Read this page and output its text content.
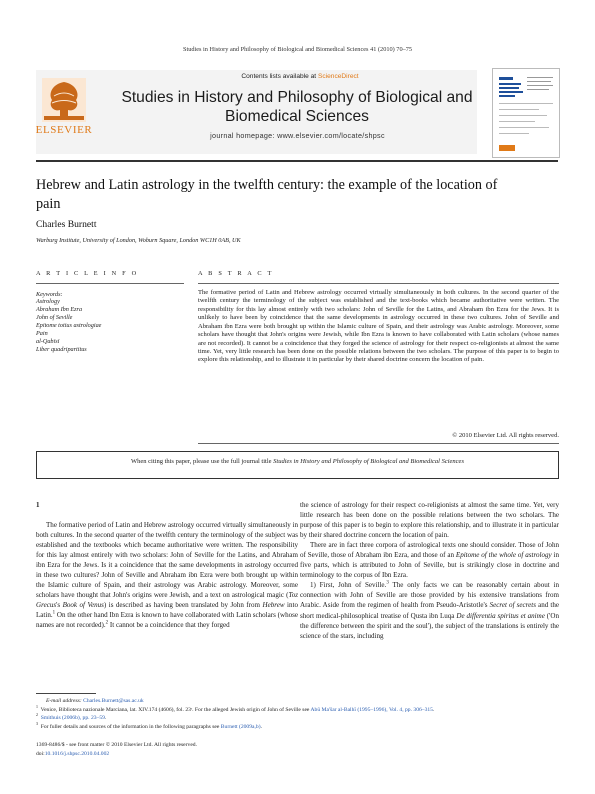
Studies in History and Philosophy of Biological and Biomedical Sciences 41 (2010) 70–75
Contents lists available at ScienceDirect
ELSEVIER
Studies in History and Philosophy of Biological and Biomedical Sciences
journal homepage: www.elsevier.com/locate/shpsc
Hebrew and Latin astrology in the twelfth century: the example of the location of pain
Charles Burnett
Warburg Institute, University of London, Woburn Square, London WC1H 0AB, UK
A R T I C L E I N F O	A B S T R A C T
Keywords:
Astrology
Abraham Ibn Ezra
John of Seville
Epitome totius astrologiae
Pain
al-Qabīsī
Liber quadripartitus
The formative period of Latin and Hebrew astrology occurred virtually simultaneously in both cultures. In the second quarter of the twelfth century the terminology of the subject was established and the text-books which became authoritative were written. The responsibility for this lay almost entirely with two scholars: John of Seville for the Latins, and Abraham ibn Ezra for the Jews. It is unlikely to have been by coincidence that the same developments in astrology occurred in these two cultures. John of Seville and Abraham ibn Ezra were both brought up within the Islamic culture of Spain, and their astrology was Arabic astrology. Moreover, some scholars have thought that John's origins were Jewish, while Ibn Ezra is known to have collaborated with Latin scholars (whose names are not recorded). It cannot be a coincidence that they forged the science of astrology for their respect co-religionists at almost the same time. Yet, very little research has been done on the possible relations between the two scholars. The purpose of this paper is to begin to explore this relationship, and to illustrate it in particular by their shared doctrine concern the location of pain.
© 2010 Elsevier Ltd. All rights reserved.
When citing this paper, please use the full journal title Studies in History and Philosophy of Biological and Biomedical Sciences
1

The formative period of Latin and Hebrew astrology occurred virtually simultaneously in both cultures. In the second quarter of the twelfth century the terminology of the subject was established and the textbooks which became authoritative were written. The responsibility for this lay almost entirely with two scholars: John of Seville for the Latins, and Abraham ibn Ezra for the Jews. Is it a coincidence that the same developments in astrology occurred in these two cultures? John of Seville and Abraham ibn Ezra were both brought up within the Islamic culture of Spain, and their astrology was Arabic astrology. Moreover, some scholars have thought that John's origins were Jewish, and a text on astrological magic (Toz Grecus's Book of Venus) is described as having been translated by John from Hebrew into Latin.$^1$ On the other hand Ibn Ezra is known to have collaborated with Latin scholars (whose names are not recorded).$^2$ It cannot be a coincidence that they forged

the science of astrology for their respect co-religionists at almost the same time. Yet, very little research has been done on the possible relations between the two scholars. The purpose of this paper is to begin to explore this relationship, and to illustrate it in particular by their shared doctrine concern the location of pain.

There are in fact three corpora of astrological texts one should consider. Those of John of Seville, those of Abraham ibn Ezra, and those of an Epitome of the whole of astrology in five parts, which is attributed to John of Seville, but is strikingly close in doctrine and terminology to the corpus of Ibn Ezra.

1) First, John of Seville.$^3$ The only facts we can be reasonably certain about in connection with John of Seville are those provided by his extensive translations from Arabic. Aside from the regimen of health from Pseudo-Aristotle's Secret of secrets and the short medical-philosophical treatise of Qusta ibn Luqa De differentia spiritus et anime ('On the difference between the spirit and the soul'), the subject of the translations is entirely the science of the stars, including

E-mail address: Charles.Burnett@sas.ac.uk
$^1$ Venice, Biblioteca nazionale Marciana, lat. XIV.174 (4606), fol. 23ʳ. For the alleged Jewish origin of John of Seville see Abū Ma'šar al-Balhī (1995–1996), Vol. 4, pp. 306–315.
$^2$ Smithuis (2006b), pp. 23–59.
$^3$ For fuller details and sources of the information in the following paragraphs see Burnett (2009a,b).
1369-8486/$ - see front matter © 2010 Elsevier Ltd. All rights reserved.
doi:10.1016/j.shpsc.2010.04.002
